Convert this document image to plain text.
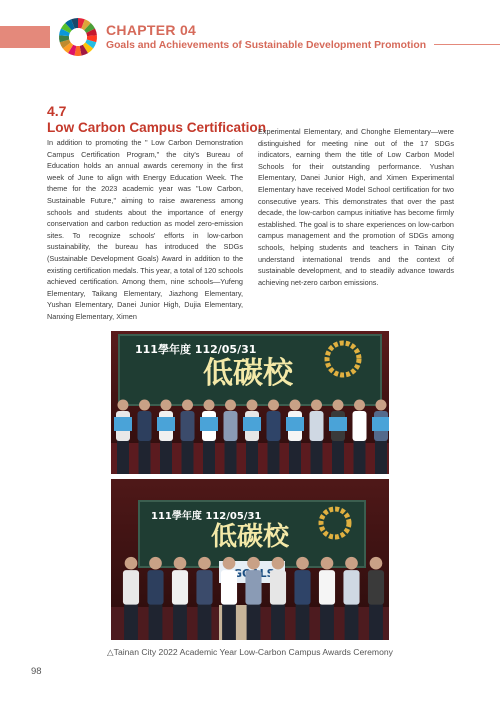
CHAPTER 04
Goals and Achievements of Sustainable Development Promotion
4.7
Low Carbon Campus Certification
In addition to promoting the " Low Carbon Demonstration Campus Certification Program," the city's Bureau of Education holds an annual awards ceremony in the first week of June to align with Energy Education Week. The theme for the 2023 academic year was "Low Carbon, Sustainable Future," aiming to raise awareness among schools and students about the importance of energy conservation and carbon reduction as model zero-emission sites. To recognize schools' efforts in low-carbon sustainability, the bureau has introduced the SDGs (Sustainable Development Goals) Award in addition to the existing certification medals. This year, a total of 120 schools achieved certification. Among them, nine schools—Yufeng Elementary, Taikang Elementary, Jiazhong Elementary, Yushan Elementary, Danei Junior High, Dujia Elementary, Nanxing Elementary, Ximen
Experimental Elementary, and Chonghe Elementary—were distinguished for meeting nine out of the 17 SDGs indicators, earning them the title of Low Carbon Model Schools for their outstanding performance. Yushan Elementary, Danei Junior High, and Ximen Experimental Elementary have received Model School certification for two consecutive years. This demonstrates that over the past decade, the low-carbon campus initiative has become firmly established. The goal is to share experiences on low-carbon campus management and the promotion of SDGs among schools, helping students and teachers in Tainan City understand international trends and the context of sustainable development, and to steadily advance towards achieving net-zero carbon emissions.
111學年度 112/05/31
低碳校
111學年度 112/05/31
低碳校
△Tainan City 2022 Academic Year Low-Carbon Campus Awards Ceremony
98
